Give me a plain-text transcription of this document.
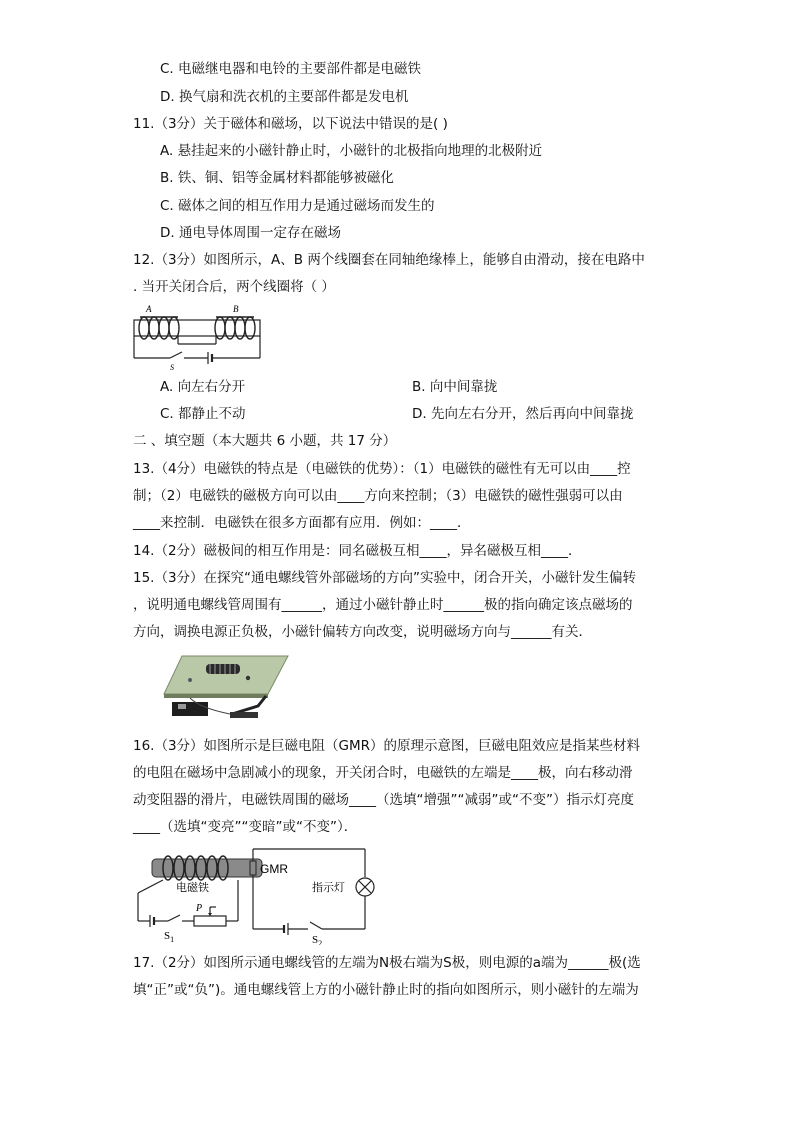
C. 电磁继电器和电铃的主要部件都是电磁铁
D. 换气扇和洗衣机的主要部件都是发电机
11.（3分）关于磁体和磁场，以下说法中错误的是( )
A. 悬挂起来的小磁针静止时，小磁针的北极指向地理的北极附近
B. 铁、铜、铝等金属材料都能够被磁化
C. 磁体之间的相互作用力是通过磁场而发生的
D. 通电导体周围一定存在磁场
12.（3分）如图所示，A、B 两个线圈套在同轴绝缘棒上，能够自由滑动，接在电路中
. 当开关闭合后，两个线圈将（ ）
A	B
S
A. 向左右分开	B. 向中间靠拢
C. 都静止不动	D. 先向左右分开，然后再向中间靠拢
二 、填空题（本大题共 6 小题，共 17 分）
13.（4分）电磁铁的特点是（电磁铁的优势）：（1）电磁铁的磁性有无可以由____控
制；（2）电磁铁的磁极方向可以由____方向来控制；（3）电磁铁的磁性强弱可以由
____来控制．电磁铁在很多方面都有应用．例如：____．
14.（2分）磁极间的相互作用是：同名磁极互相____，异名磁极互相____．
15.（3分）在探究“通电螺线管外部磁场的方向”实验中，闭合开关，小磁针发生偏转
，说明通电螺线管周围有______，通过小磁针静止时______极的指向确定该点磁场的
方向，调换电源正负极，小磁针偏转方向改变，说明磁场方向与______有关．
16.（3分）如图所示是巨磁电阻（GMR）的原理示意图，巨磁电阻效应是指某些材料
的电阻在磁场中急剧减小的现象，开关闭合时，电磁铁的左端是____极，向右移动滑
动变阻器的滑片，电磁铁周围的磁场____（选填“增强”“减弱”或“不变”）指示灯亮度
____（选填“变亮”“变暗”或“不变”）．
电磁铁
P
$S_1$
GMR
指示灯
$S_2$
17.（2分）如图所示通电螺线管的左端为N极右端为S极，则电源的a端为______极(选
填“正”或“负”)。通电螺线管上方的小磁针静止时的指向如图所示，则小磁针的左端为
